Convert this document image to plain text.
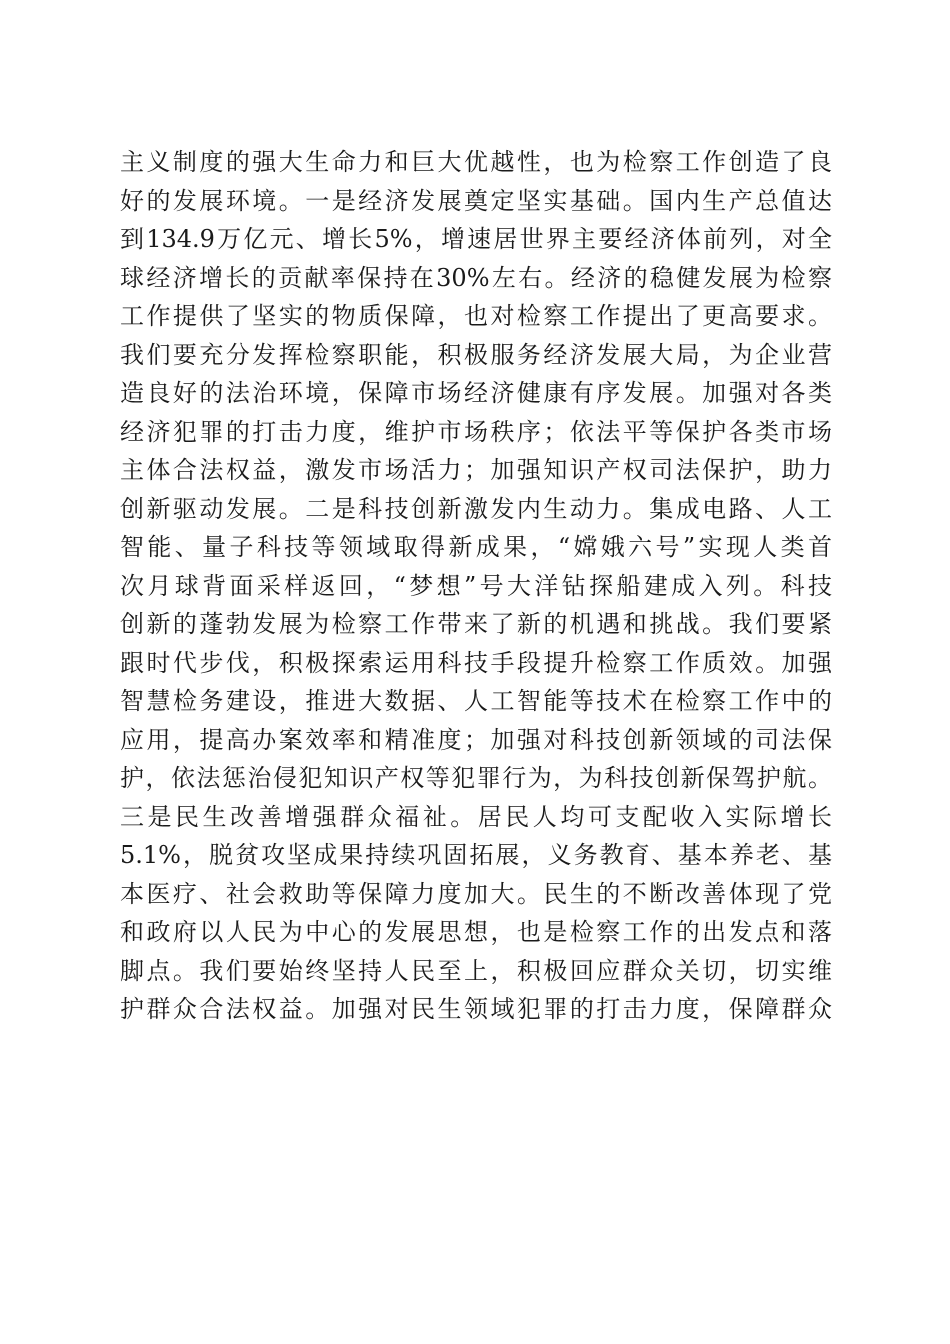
主义制度的强大生命力和巨大优越性，也为检察工作创造了良
好的发展环境。一是经济发展奠定坚实基础。国内生产总值达
到134.9万亿元、增长5%，增速居世界主要经济体前列，对全
球经济增长的贡献率保持在30%左右。经济的稳健发展为检察
工作提供了坚实的物质保障，也对检察工作提出了更高要求。
我们要充分发挥检察职能，积极服务经济发展大局，为企业营
造良好的法治环境，保障市场经济健康有序发展。加强对各类
经济犯罪的打击力度，维护市场秩序；依法平等保护各类市场
主体合法权益，激发市场活力；加强知识产权司法保护，助力
创新驱动发展。二是科技创新激发内生动力。集成电路、人工
智能、量子科技等领域取得新成果，“嫦娥六号”实现人类首
次月球背面采样返回，“梦想”号大洋钻探船建成入列。科技
创新的蓬勃发展为检察工作带来了新的机遇和挑战。我们要紧
跟时代步伐，积极探索运用科技手段提升检察工作质效。加强
智慧检务建设，推进大数据、人工智能等技术在检察工作中的
应用，提高办案效率和精准度；加强对科技创新领域的司法保
护，依法惩治侵犯知识产权等犯罪行为，为科技创新保驾护航。
三是民生改善增强群众福祉。居民人均可支配收入实际增长
5.1%，脱贫攻坚成果持续巩固拓展，义务教育、基本养老、基
本医疗、社会救助等保障力度加大。民生的不断改善体现了党
和政府以人民为中心的发展思想，也是检察工作的出发点和落
脚点。我们要始终坚持人民至上，积极回应群众关切，切实维
护群众合法权益。加强对民生领域犯罪的打击力度，保障群众
